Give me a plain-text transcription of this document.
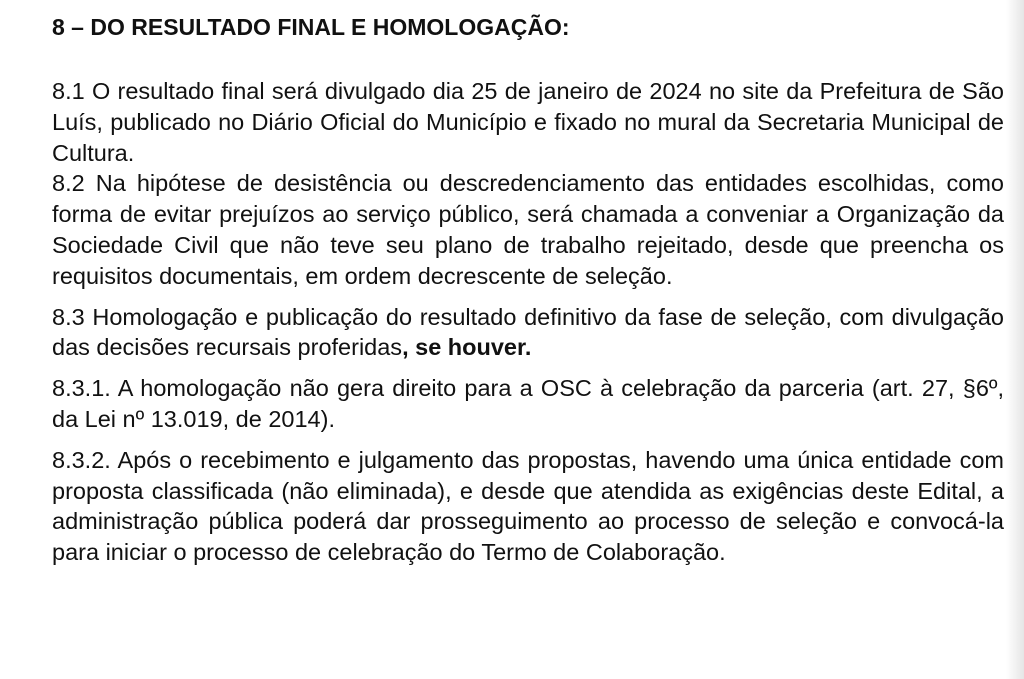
8 – DO RESULTADO FINAL E HOMOLOGAÇÃO:

8.1 O resultado final será divulgado dia 25 de janeiro de 2024 no site da Prefeitura de São Luís, publicado no Diário Oficial do Município e fixado no mural da Secretaria Municipal de Cultura.

8.2 Na hipótese de desistência ou descredenciamento das entidades escolhidas, como forma de evitar prejuízos ao serviço público, será chamada a conveniar a Organização da Sociedade Civil que não teve seu plano de trabalho rejeitado, desde que preencha os requisitos documentais, em ordem decrescente de seleção.

8.3 Homologação e publicação do resultado definitivo da fase de seleção, com divulgação das decisões recursais proferidas, se houver.

8.3.1. A homologação não gera direito para a OSC à celebração da parceria (art. 27, §6º, da Lei nº 13.019, de 2014).

8.3.2. Após o recebimento e julgamento das propostas, havendo uma única entidade com proposta classificada (não eliminada), e desde que atendida as exigências deste Edital, a administração pública poderá dar prosseguimento ao processo de seleção e convocá-la para iniciar o processo de celebração do Termo de Colaboração.
